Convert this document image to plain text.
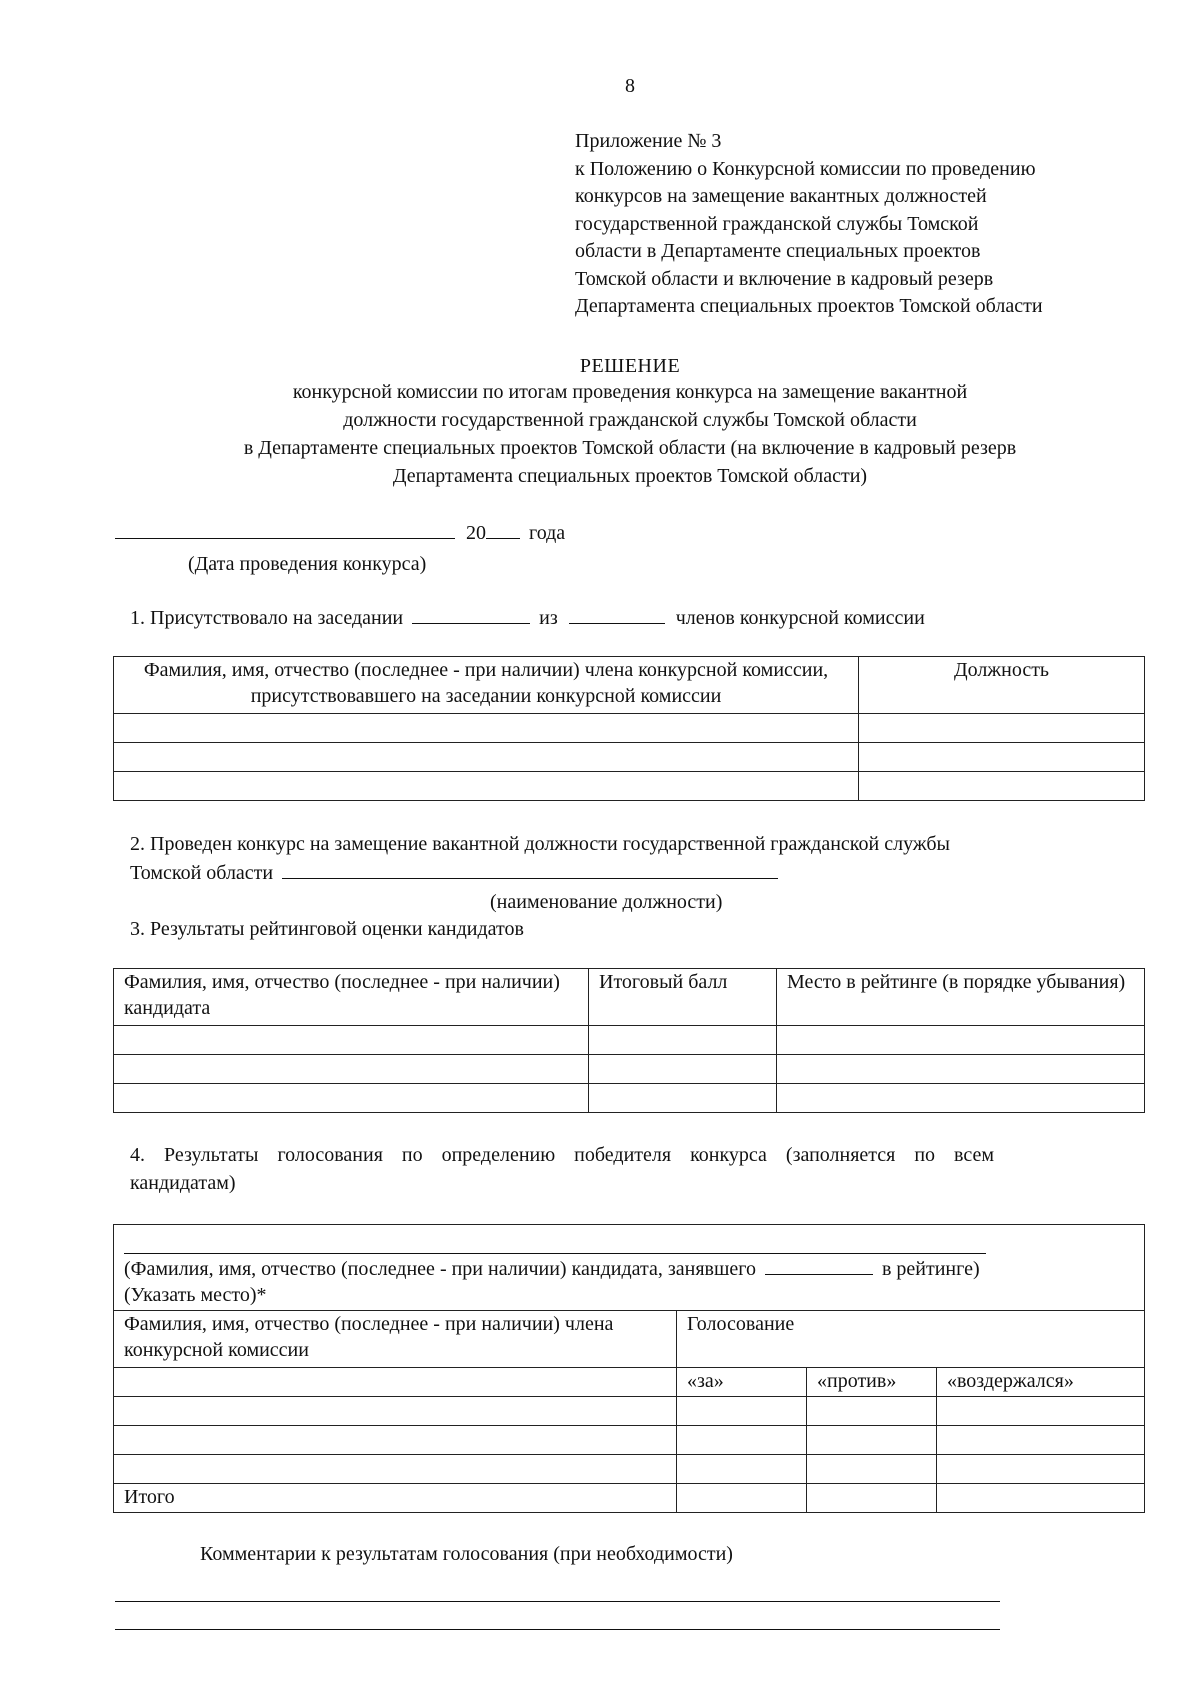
8
Приложение № 3
к Положению о Конкурсной комиссии по проведению
конкурсов на замещение вакантных должностей
государственной гражданской службы Томской
области в Департаменте специальных проектов
Томской области и включение в кадровый резерв
Департамента специальных проектов Томской области
РЕШЕНИЕ
конкурсной комиссии по итогам проведения конкурса на замещение вакантной
должности государственной гражданской службы Томской области
в Департаменте специальных проектов Томской области (на включение в кадровый резерв
Департамента специальных проектов Томской области)
20 года
(Дата проведения конкурса)
1. Присутствовало на заседании	из	членов конкурсной комиссии
Фамилия, имя, отчество (последнее - при наличии) члена конкурсной комиссии, присутствовавшего на заседании конкурсной комиссии	Должность

2. Проведен конкурс на замещение вакантной должности государственной гражданской службы
Томской области
(наименование должности)
3. Результаты рейтинговой оценки кандидатов
Фамилия, имя, отчество (последнее - при наличии) кандидата	Итоговый балл	Место в рейтинге (в порядке убывания)

4. Результаты голосования по определению победителя конкурса (заполняется по всем
кандидатам)
(Фамилия, имя, отчество (последнее - при наличии) кандидата, занявшего в рейтинге)
(Указать место)*			

Фамилия, имя, отчество (последнее - при наличии) члена конкурсной комиссии	Голосование		
	«за»	«против»	«воздержался»

Итого			
Комментарии к результатам голосования (при необходимости)
